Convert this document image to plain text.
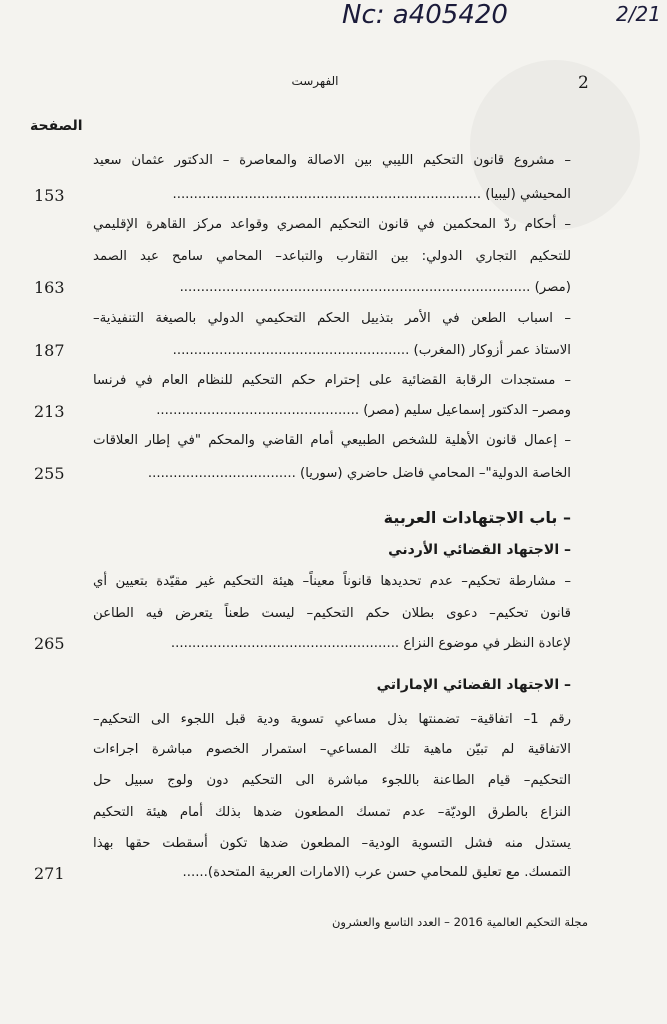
Nc: a405420	2/21
2
الفهرست
الصفحة
– مشروع قانون التحكيم الليبي بين الاصالة والمعاصرة – الدكتور عثمان سعيد
المحيشي (ليبيا) .........................................................................
153
– أحكام ردّ المحكمين في قانون التحكيم المصري وقواعد مركز القاهرة الإقليمي
للتحكيم التجاري الدولي: بين التقارب والتباعد– المحامي سامح عبد الصمد
(مصر) ...................................................................................
163
– اسباب الطعن في الأمر بتذييل الحكم التحكيمي الدولي بالصيغة التنفيذية–
الاستاذ عمر أزوكار (المغرب) ........................................................
187
– مستجدات الرقابة القضائية على إحترام حكم التحكيم للنظام العام في فرنسا
ومصر– الدكتور إسماعيل سليم (مصر) ................................................
213
– إعمال قانون الأهلية للشخص الطبيعي أمام القاضي والمحكم "في إطار العلاقات
الخاصة الدولية"– المحامي فاضل حاضري (سوريا) ...................................
255
– باب الاجتهادات العربية
– الاجتهاد القضائي الأردني
– مشارطة تحكيم– عدم تحديدها قانوناً معيناً– هيئة التحكيم غير مقيّدة بتعيين أي
قانون تحكيم– دعوى بطلان حكم التحكيم– ليست طعناً يتعرض فيه الطاعن
لإعادة النظر في موضوع النزاع ......................................................
265
– الاجتهاد القضائي الإماراتي
رقم 1– اتفاقية– تضمنتها بذل مساعي تسوية ودية قبل اللجوء الى التحكيم–
الاتفاقية لم تبيّن ماهية تلك المساعي– استمرار الخصوم مباشرة اجراءات
التحكيم– قيام الطاعنة باللجوء مباشرة الى التحكيم دون ولوج سبيل حل
النزاع بالطرق الوديّة– عدم تمسك المطعون ضدها بذلك أمام هيئة التحكيم
يستدل منه فشل التسوية الودية– المطعون ضدها تكون أسقطت حقها بهذا
التمسك. مع تعليق للمحامي حسن عرب (الامارات العربية المتحدة)......
271
مجلة التحكيم العالمية 2016 – العدد التاسع والعشرون
